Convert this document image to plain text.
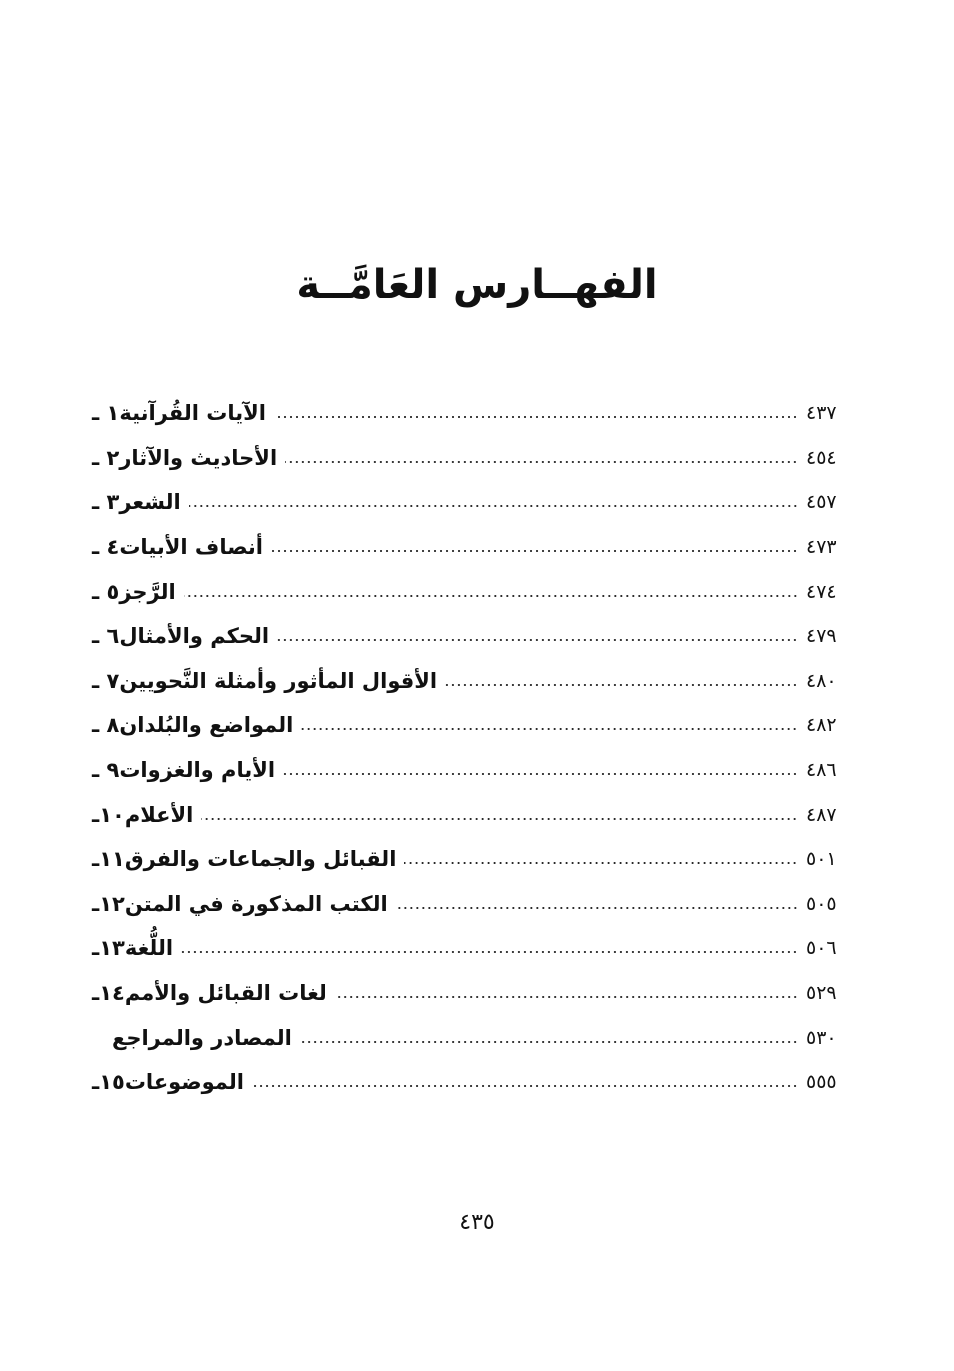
الفهــارس العَامَّــة
١ ـ الآيات القُرآنية	٤٣٧
٢ ـ الأحاديث والآثار	٤٥٤
٣ ـ الشعر	٤٥٧
٤ ـ أنصاف الأبيات	٤٧٣
٥ ـ الرَّجز	٤٧٤
٦ ـ الحكم والأمثال	٤٧٩
٧ ـ الأقوال المأثور وأمثلة النَّحويين	٤٨٠
٨ ـ المواضع والبُلدان	٤٨٢
٩ ـ الأيام والغزوات	٤٨٦
١٠ـ الأعلام	٤٨٧
١١ـ القبائل والجماعات والفرق	٥٠١
١٢ـ الكتب المذكورة في المتن	٥٠٥
١٣ـ اللُّغة	٥٠٦
١٤ـ لغات القبائل والأمم	٥٢٩
المصادر والمراجع	٥٣٠
١٥ـ الموضوعات	٥٥٥
٤٣٥
